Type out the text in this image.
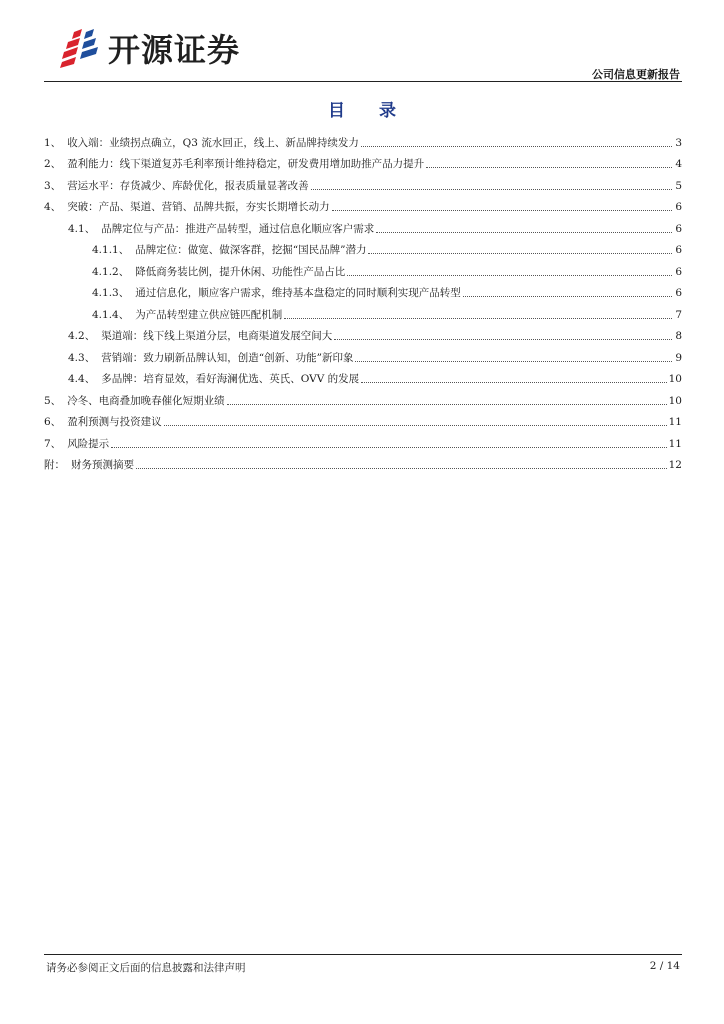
开源证券
公司信息更新报告
目 录
1、 收入端：业绩拐点确立，Q3 流水回正，线上、新品牌持续发力	3
2、 盈利能力：线下渠道复苏毛利率预计维持稳定，研发费用增加助推产品力提升	4
3、 营运水平：存货减少、库龄优化，报表质量显著改善	5
4、 突破：产品、渠道、营销、品牌共振，夯实长期增长动力	6
4.1、 品牌定位与产品：推进产品转型，通过信息化顺应客户需求	6
4.1.1、 品牌定位：做宽、做深客群，挖掘“国民品牌”潜力	6
4.1.2、 降低商务装比例，提升休闲、功能性产品占比	6
4.1.3、 通过信息化，顺应客户需求，维持基本盘稳定的同时顺利实现产品转型	6
4.1.4、 为产品转型建立供应链匹配机制	7
4.2、 渠道端：线下线上渠道分层，电商渠道发展空间大	8
4.3、 营销端：致力刷新品牌认知，创造“创新、功能”新印象	9
4.4、 多品牌：培育显效，看好海澜优选、英氏、OVV 的发展	10
5、 冷冬、电商叠加晚春催化短期业绩	10
6、 盈利预测与投资建议	11
7、 风险提示	11
附： 财务预测摘要	12
请务必参阅正文后面的信息披露和法律声明	2 / 14
